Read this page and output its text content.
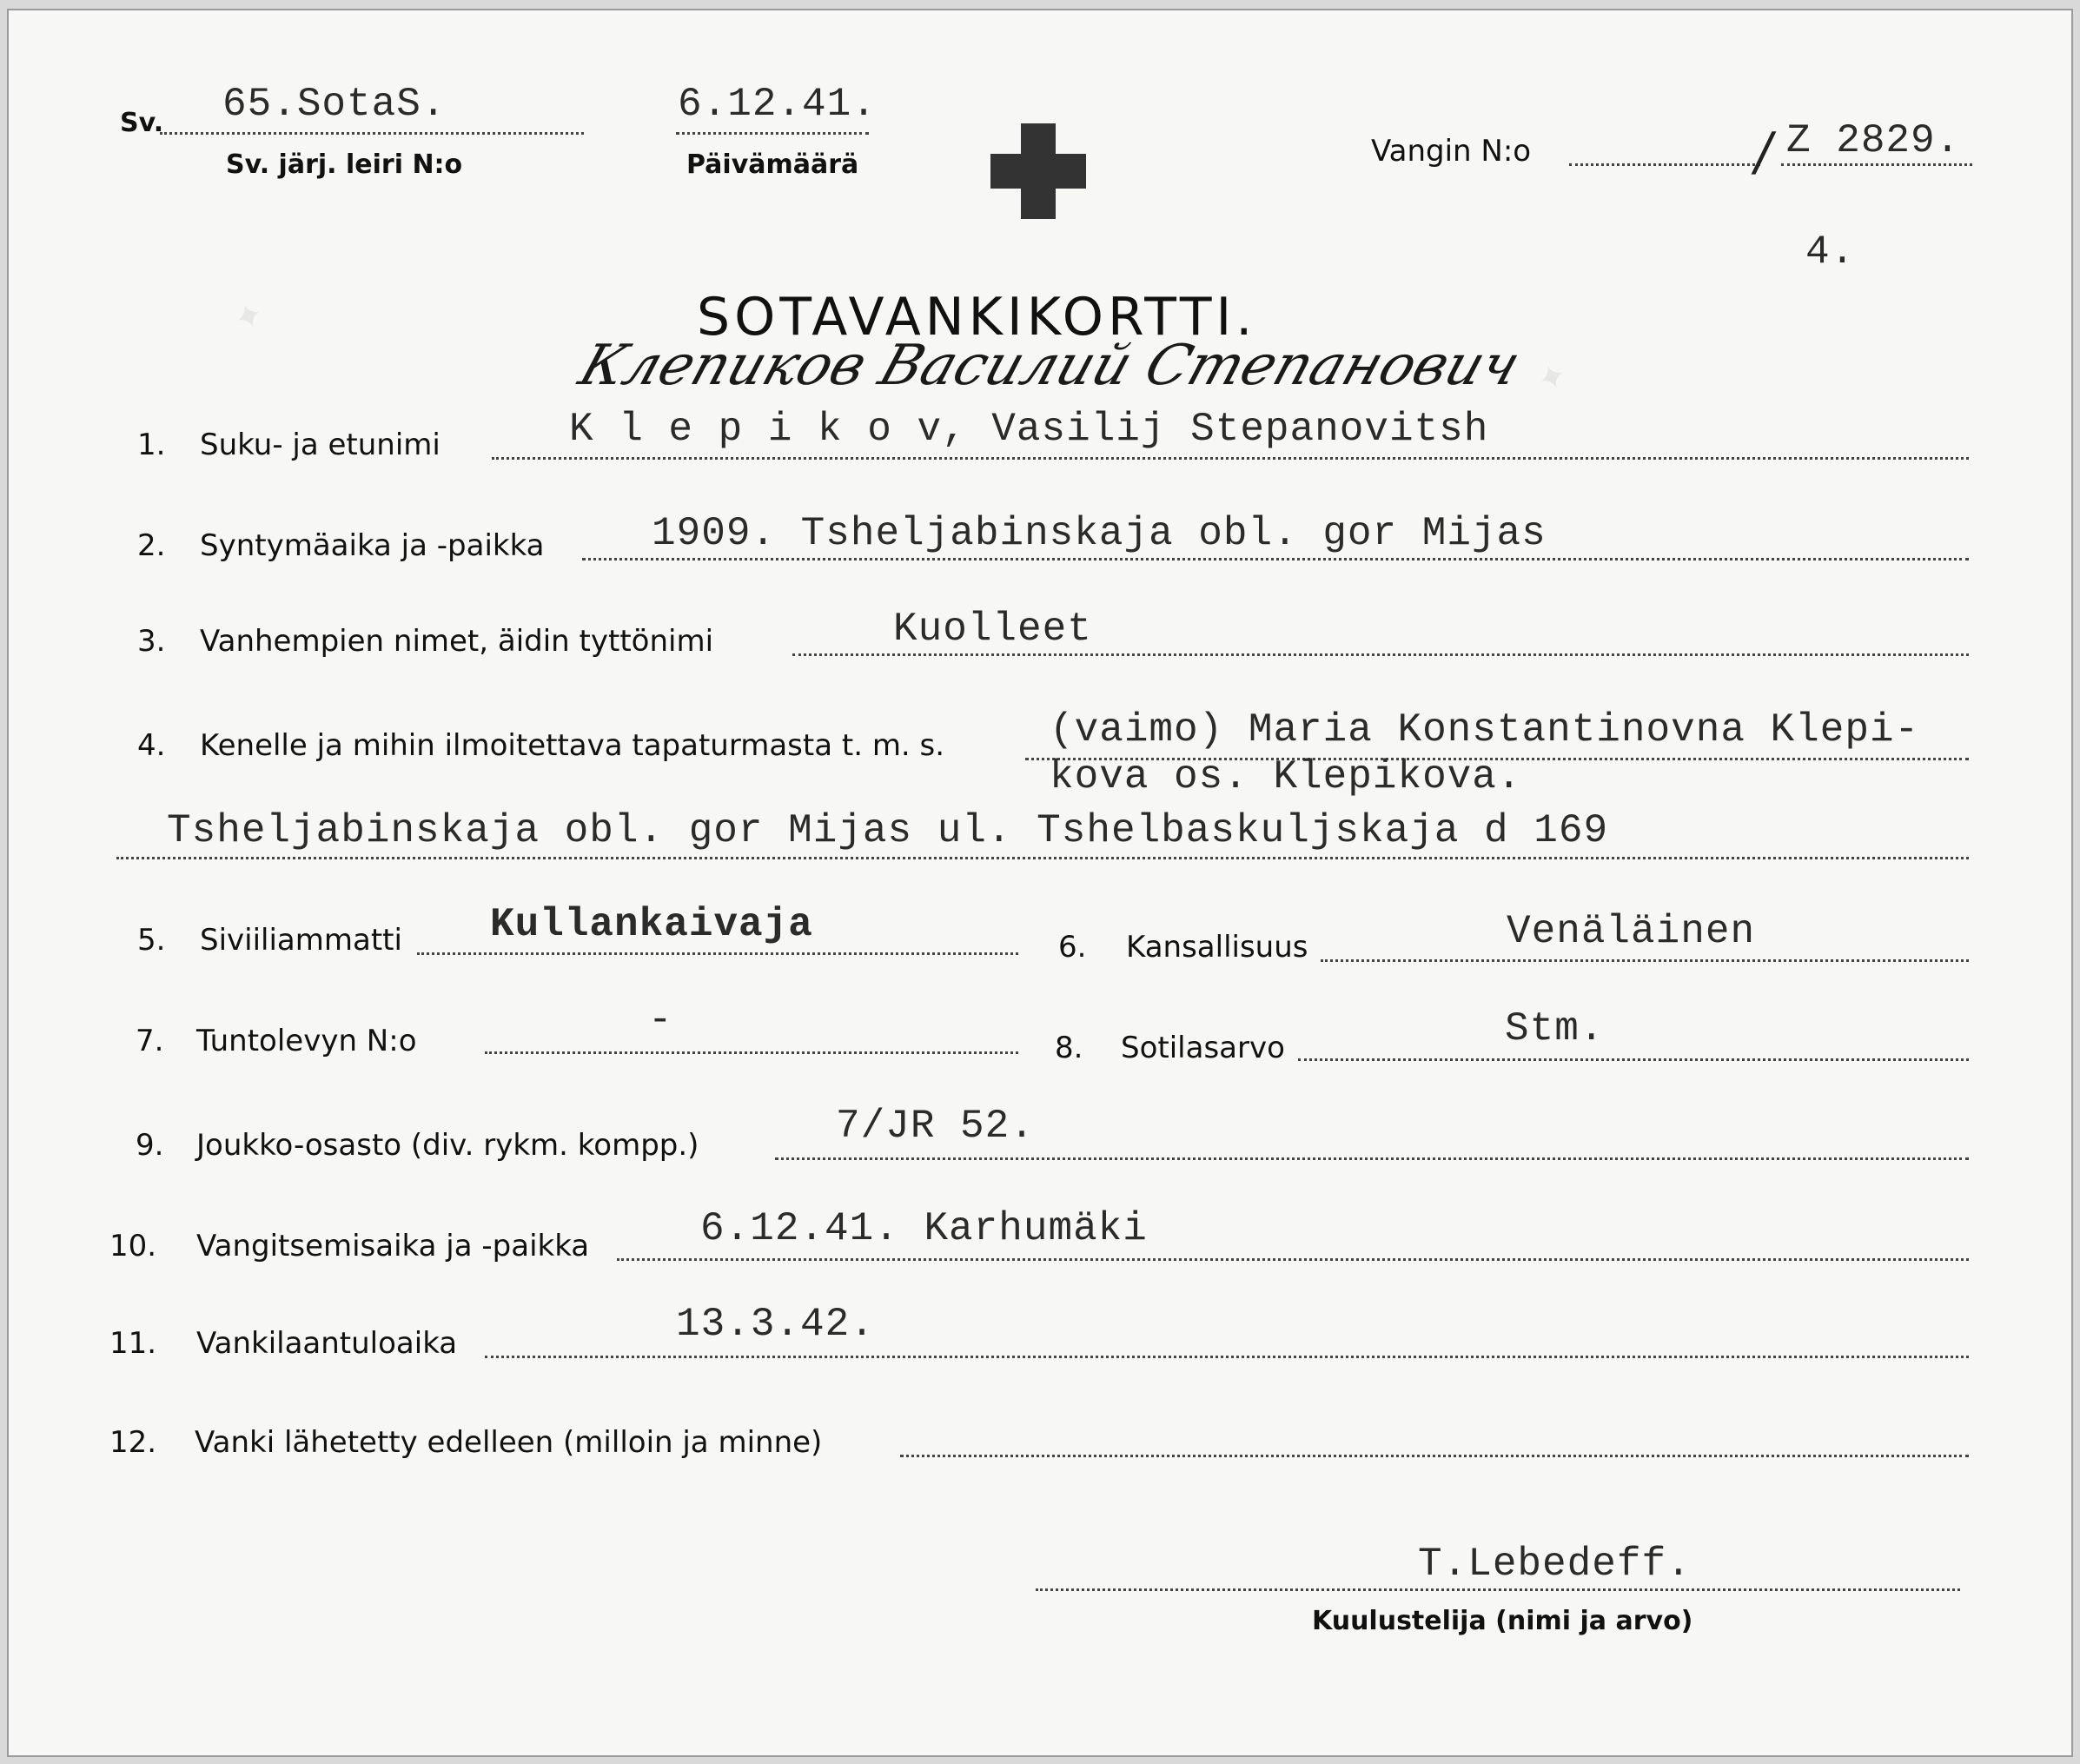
✦
✦
Sv. 65.SotaS.
Sv. järj. leiri N:o
6.12.41.
Päivämäärä	Vangin N:o	/ Z 2829.
4.
SOTAVANKIKORTTI.
Клепиков Василий Степанович
1. Suku- ja etunimi	K l e p i k o v, Vasilij Stepanovitsh
2. Syntymäaika ja -paikka	1909. Tsheljabinskaja obl. gor Mijas
3. Vanhempien nimet, äidin tyttönimi	Kuolleet
4. Kenelle ja mihin ilmoitettava tapaturmasta t. m. s.	(vaimo) Maria Konstantinovna Klepi-
kova os. Klepikova.
Tsheljabinskaja obl. gor Mijas ul. Tshelbaskuljskaja d 169
5. Siviiliammatti Kullankaivaja	6. Kansallisuus	Venäläinen
7. Tuntolevyn N:o	-
8. Sotilasarvo	Stm.
9. Joukko-osasto (div. rykm. kompp.)	7/JR 52.
10. Vangitsemisaika ja -paikka	6.12.41. Karhumäki
11. Vankilaantuloaika	13.3.42.
12. Vanki lähetetty edelleen (milloin ja minne)
T.Lebedeff.
Kuulustelija (nimi ja arvo)
